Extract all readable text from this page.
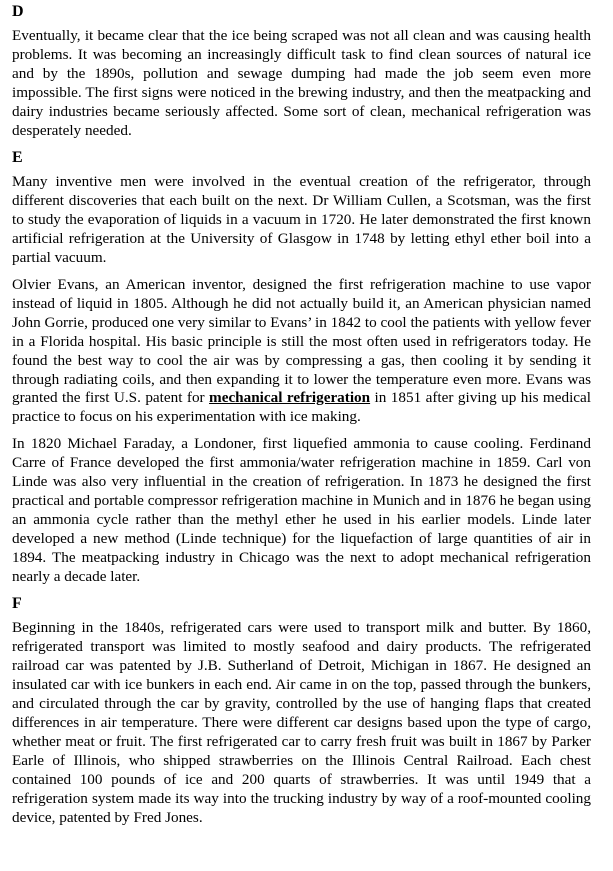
D

Eventually, it became clear that the ice being scraped was not all clean and was causing health problems. It was becoming an increasingly difficult task to find clean sources of natural ice and by the 1890s, pollution and sewage dumping had made the job seem even more impossible. The first signs were noticed in the brewing industry, and then the meatpacking and dairy industries became seriously affected. Some sort of clean, mechanical refrigeration was desperately needed.

E

Many inventive men were involved in the eventual creation of the refrigerator, through different discoveries that each built on the next. Dr William Cullen, a Scotsman, was the first to study the evaporation of liquids in a vacuum in 1720. He later demonstrated the first known artificial refrigeration at the University of Glasgow in 1748 by letting ethyl ether boil into a partial vacuum.

Olvier Evans, an American inventor, designed the first refrigeration machine to use vapor instead of liquid in 1805. Although he did not actually build it, an American physician named John Gorrie, produced one very similar to Evans’ in 1842 to cool the patients with yellow fever in a Florida hospital. His basic principle is still the most often used in refrigerators today. He found the best way to cool the air was by compressing a gas, then cooling it by sending it through radiating coils, and then expanding it to lower the temperature even more. Evans was granted the first U.S. patent for mechanical refrigeration in 1851 after giving up his medical practice to focus on his experimentation with ice making.

In 1820 Michael Faraday, a Londoner, first liquefied ammonia to cause cooling. Ferdinand Carre of France developed the first ammonia/water refrigeration machine in 1859. Carl von Linde was also very influential in the creation of refrigeration. In 1873 he designed the first practical and portable compressor refrigeration machine in Munich and in 1876 he began using an ammonia cycle rather than the methyl ether he used in his earlier models. Linde later developed a new method (Linde technique) for the liquefaction of large quantities of air in 1894. The meatpacking industry in Chicago was the next to adopt mechanical refrigeration nearly a decade later.

F

Beginning in the 1840s, refrigerated cars were used to transport milk and butter. By 1860, refrigerated transport was limited to mostly seafood and dairy products. The refrigerated railroad car was patented by J.B. Sutherland of Detroit, Michigan in 1867. He designed an insulated car with ice bunkers in each end. Air came in on the top, passed through the bunkers, and circulated through the car by gravity, controlled by the use of hanging flaps that created differences in air temperature. There were different car designs based upon the type of cargo, whether meat or fruit. The first refrigerated car to carry fresh fruit was built in 1867 by Parker Earle of Illinois, who shipped strawberries on the Illinois Central Railroad. Each chest contained 100 pounds of ice and 200 quarts of strawberries. It was until 1949 that a refrigeration system made its way into the trucking industry by way of a roof-mounted cooling device, patented by Fred Jones.
